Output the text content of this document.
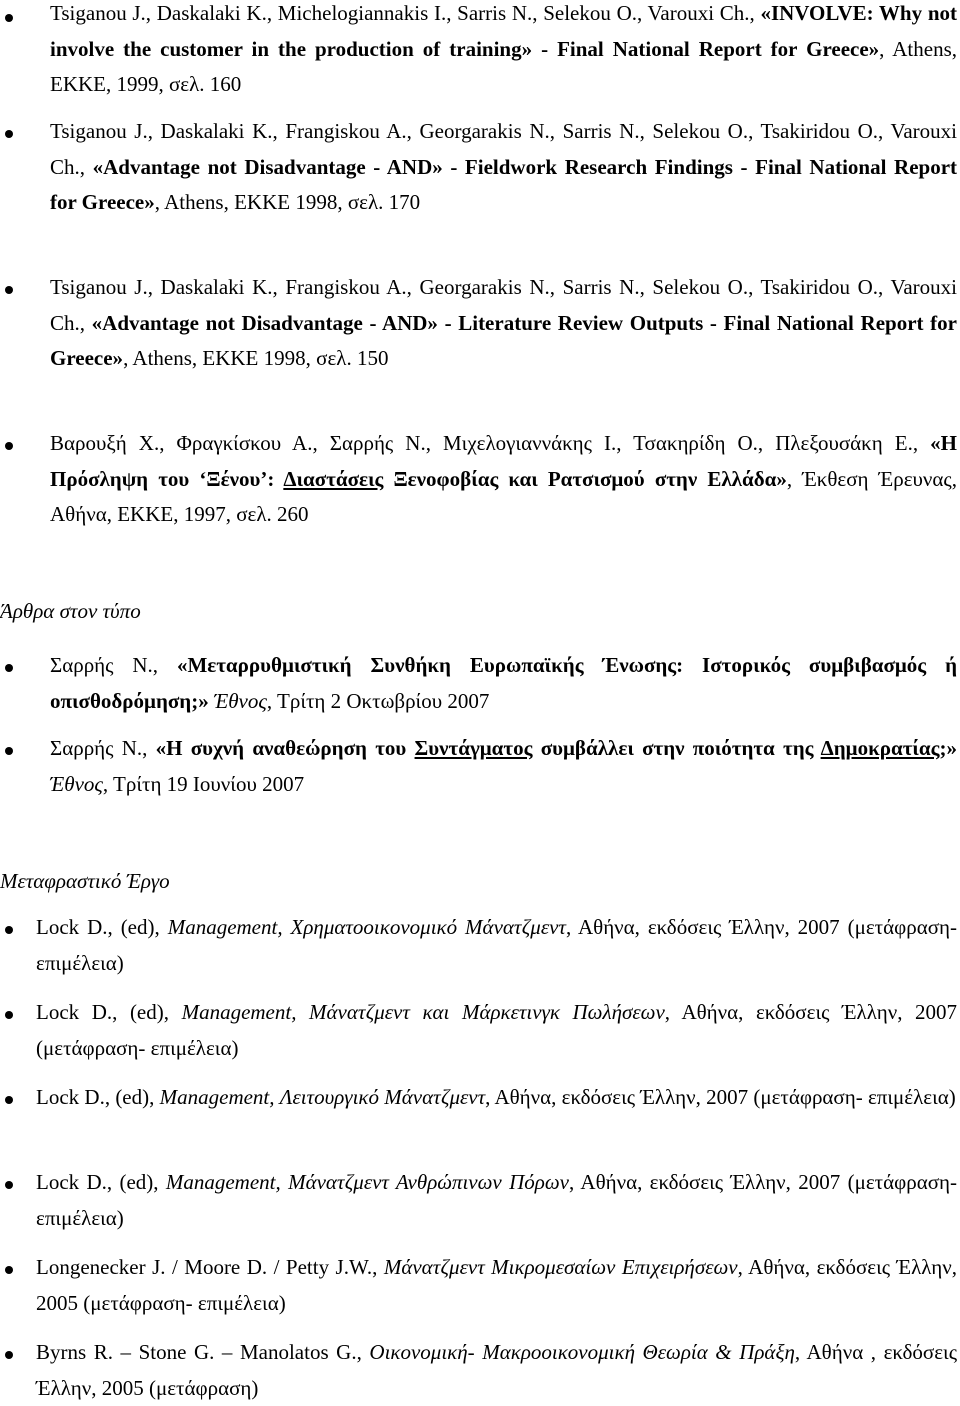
Tsiganou J., Daskalaki K., Michelogiannakis I., Sarris N., Selekou O., Varouxi Ch., «INVOLVE: Why not involve the customer in the production of training» - Final National Report for Greece», Athens, EKKE, 1999, σελ. 160
Tsiganou J., Daskalaki K., Frangiskou A., Georgarakis N., Sarris N., Selekou O., Tsakiridou O., Varouxi Ch., «Advantage not Disadvantage - AND» - Fieldwork Research Findings - Final National Report for Greece», Athens, EKKE 1998, σελ. 170
Tsiganou J., Daskalaki K., Frangiskou A., Georgarakis N., Sarris N., Selekou O., Tsakiridou O., Varouxi Ch., «Advantage not Disadvantage - AND» - Literature Review Outputs - Final National Report for Greece», Athens, EKKE 1998, σελ. 150
Βαρουξή Χ., Φραγκίσκου Α., Σαρρής Ν., Μιχελογιαννάκης Ι., Τσακηρίδη Ο., Πλεξουσάκη Ε., «Η Πρόσληψη του ‘Ξένου’: Διαστάσεις Ξενοφοβίας και Ρατσισμού στην Ελλάδα», Έκθεση Έρευνας, Αθήνα, ΕΚΚΕ, 1997, σελ. 260
Άρθρα στον τύπο
Σαρρής Ν., «Μεταρρυθμιστική Συνθήκη Ευρωπαϊκής Ένωσης: Ιστορικός συμβιβασμός ή οπισθοδρόμηση;» Έθνος, Τρίτη 2 Οκτωβρίου 2007
Σαρρής Ν., «Η συχνή αναθεώρηση του Συντάγματος συμβάλλει στην ποιότητα της Δημοκρατίας;» Έθνος, Τρίτη 19 Ιουνίου 2007
Μεταφραστικό Έργο
Lock D., (ed), Management, Χρηματοοικονομικό Μάνατζμεντ, Αθήνα, εκδόσεις Έλλην, 2007 (μετάφραση- επιμέλεια)
Lock D., (ed), Management, Μάνατζμεντ και Μάρκετινγκ Πωλήσεων, Αθήνα, εκδόσεις Έλλην, 2007 (μετάφραση- επιμέλεια)
Lock D., (ed), Management, Λειτουργικό Μάνατζμεντ, Αθήνα, εκδόσεις Έλλην, 2007 (μετάφραση- επιμέλεια)
Lock D., (ed), Management, Μάνατζμεντ Ανθρώπινων Πόρων, Αθήνα, εκδόσεις Έλλην, 2007 (μετάφραση- επιμέλεια)
Longenecker J. / Moore D. / Petty J.W., Μάνατζμεντ Μικρομεσαίων Επιχειρήσεων, Αθήνα, εκδόσεις Έλλην, 2005 (μετάφραση- επιμέλεια)
Byrns R. – Stone G. – Manolatos G., Οικονομική- Μακροοικονομική Θεωρία & Πράξη, Αθήνα , εκδόσεις Έλλην, 2005 (μετάφραση)
